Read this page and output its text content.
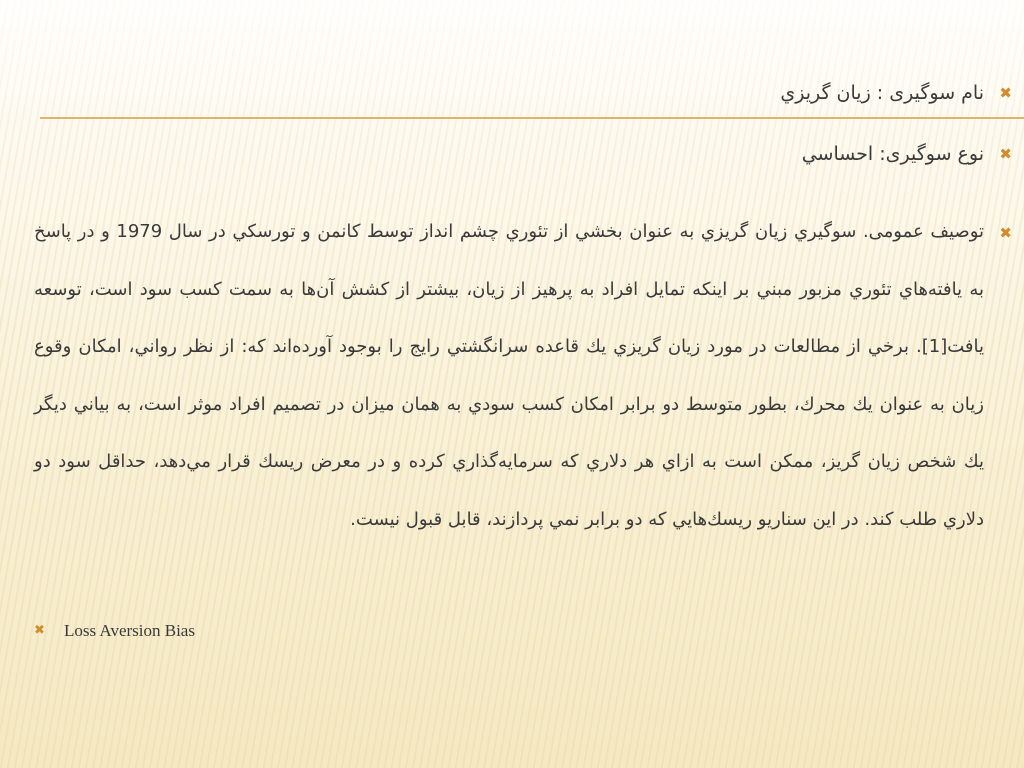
✖
نام سوگیری : زیان گریزي
✖
نوع سوگیری: احساسي
✖
توصیف عمومی. سوگیري زیان گریزي به عنوان بخشي از تئوري چشم انداز توسط کانمن و تورسکي در سال 1979 و در پاسخ به یافته‌هاي تئوري مزبور مبني بر اینکه تمایل افراد به پرهیز از زیان، بیشتر از کشش آن‌ها به سمت کسب سود است، توسعه یافت[1]. برخي از مطالعات در مورد زیان گریزي یك قاعده سرانگشتي رایج را بوجود آورده‌اند که: از نظر رواني، امکان وقوع زیان به عنوان یك محرك، بطور متوسط دو برابر امکان کسب سودي به همان میزان در تصمیم افراد موثر است، به بیاني دیگر یك شخص زیان گریز، ممکن است به ازاي هر دلاري که سرمایه‌گذاري کرده و در معرض ریسك قرار مي‌دهد، حداقل سود دو دلاري طلب کند. در این سناریو ریسك‌هایي که دو برابر نمي پردازند، قابل قبول نیست.
✖ Loss Aversion Bias
